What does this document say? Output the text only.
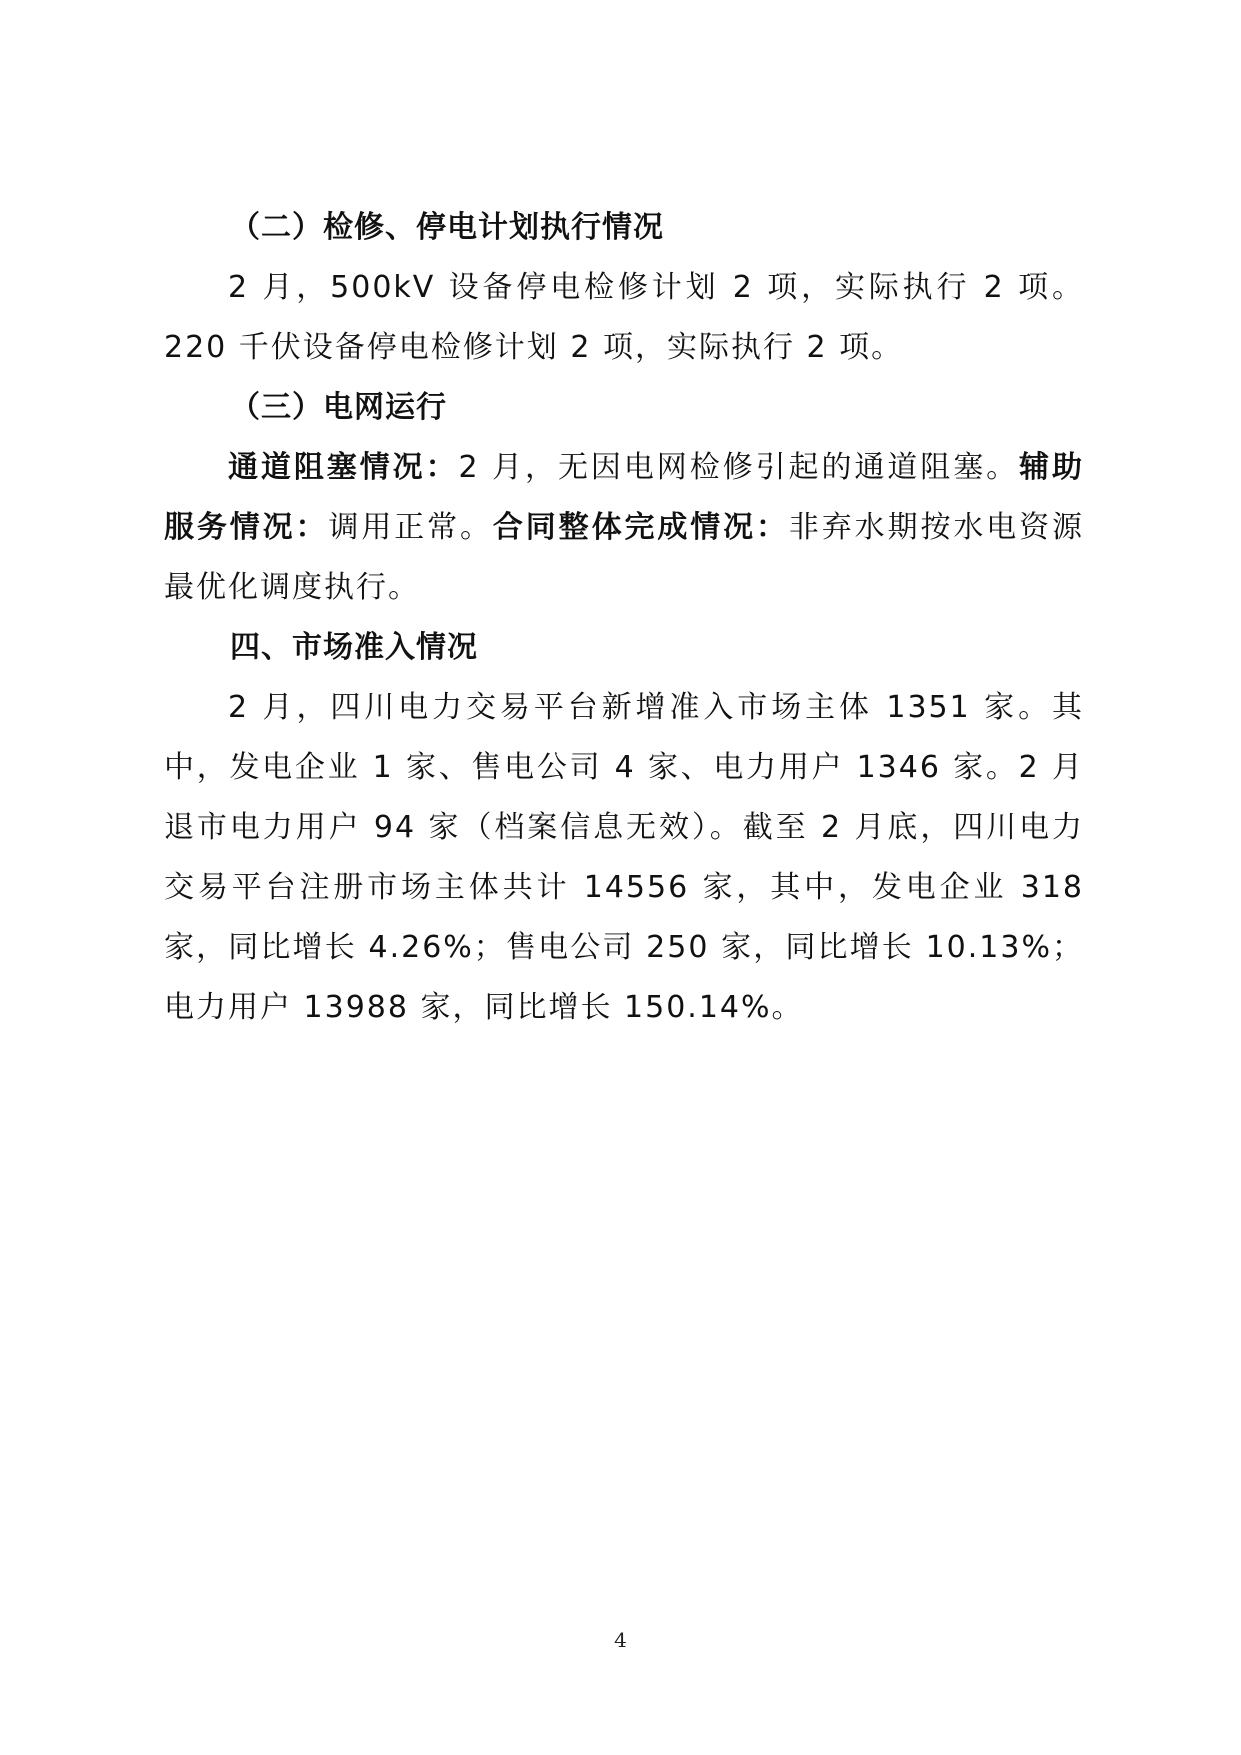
（二）检修、停电计划执行情况

2 月，500kV 设备停电检修计划 2 项，实际执行 2 项。220 千伏设备停电检修计划 2 项，实际执行 2 项。

（三）电网运行

通道阻塞情况：2 月，无因电网检修引起的通道阻塞。辅助服务情况：调用正常。合同整体完成情况：非弃水期按水电资源最优化调度执行。

四、市场准入情况

2 月，四川电力交易平台新增准入市场主体 1351 家。其中，发电企业 1 家、售电公司 4 家、电力用户 1346 家。2 月退市电力用户 94 家（档案信息无效）。截至 2 月底，四川电力交易平台注册市场主体共计 14556 家，其中，发电企业 318 家，同比增长 4.26%；售电公司 250 家，同比增长 10.13%；电力用户 13988 家，同比增长 150.14%。

4
